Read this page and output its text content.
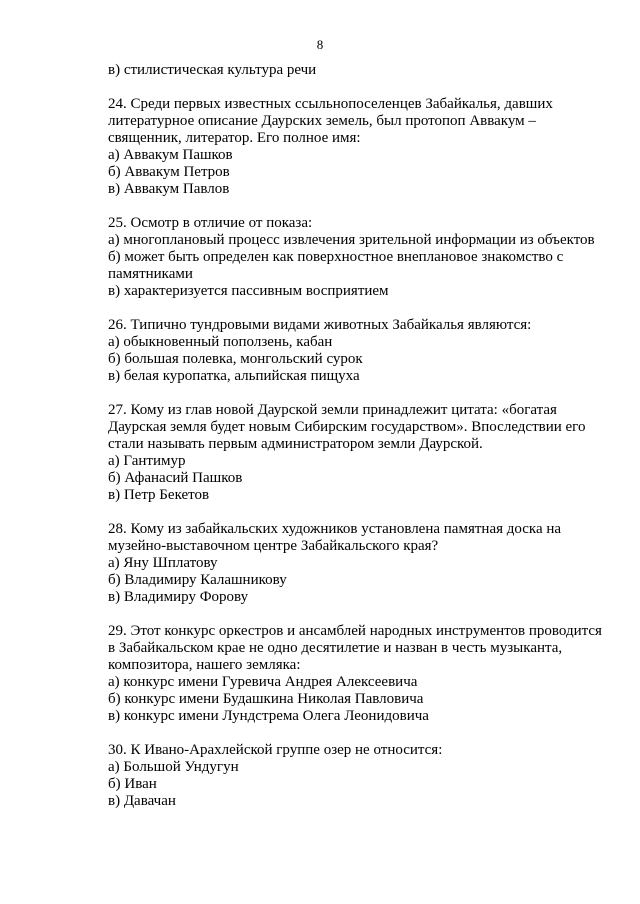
8

в) стилистическая культура речи

24. Среди первых известных ссыльнопоселенцев Забайкалья, давших

литературное описание Даурских земель, был протопоп Аввакум –

священник, литератор. Его полное имя:

а) Аввакум Пашков

б) Аввакум Петров

в) Аввакум Павлов

25. Осмотр в отличие от показа:

а) многоплановый процесс извлечения зрительной информации из объектов

б) может быть определен как поверхностное внеплановое знакомство с

памятниками

в) характеризуется пассивным восприятием

26. Типично тундровыми видами животных Забайкалья являются:

а) обыкновенный поползень, кабан

б) большая полевка, монгольский сурок

в) белая куропатка, альпийская пищуха

27. Кому из глав новой Даурской земли принадлежит цитата: «богатая

Даурская земля будет новым Сибирским государством». Впоследствии его

стали называть первым администратором земли Даурской.

а) Гантимур

б) Афанасий Пашков

в) Петр Бекетов

28. Кому из забайкальских художников установлена памятная доска на

музейно-выставочном центре Забайкальского края?

а) Яну Шплатову

б) Владимиру Калашникову

в) Владимиру Форову

29. Этот конкурс оркестров и ансамблей народных инструментов проводится

в Забайкальском крае не одно десятилетие и назван в честь музыканта,

композитора, нашего земляка:

а) конкурс имени Гуревича Андрея Алексеевича

б) конкурс имени Будашкина Николая Павловича

в) конкурс имени Лундстрема Олега Леонидовича

30. К Ивано-Арахлейской группе озер не относится:

а) Большой Ундугун

б) Иван

в) Давачан
